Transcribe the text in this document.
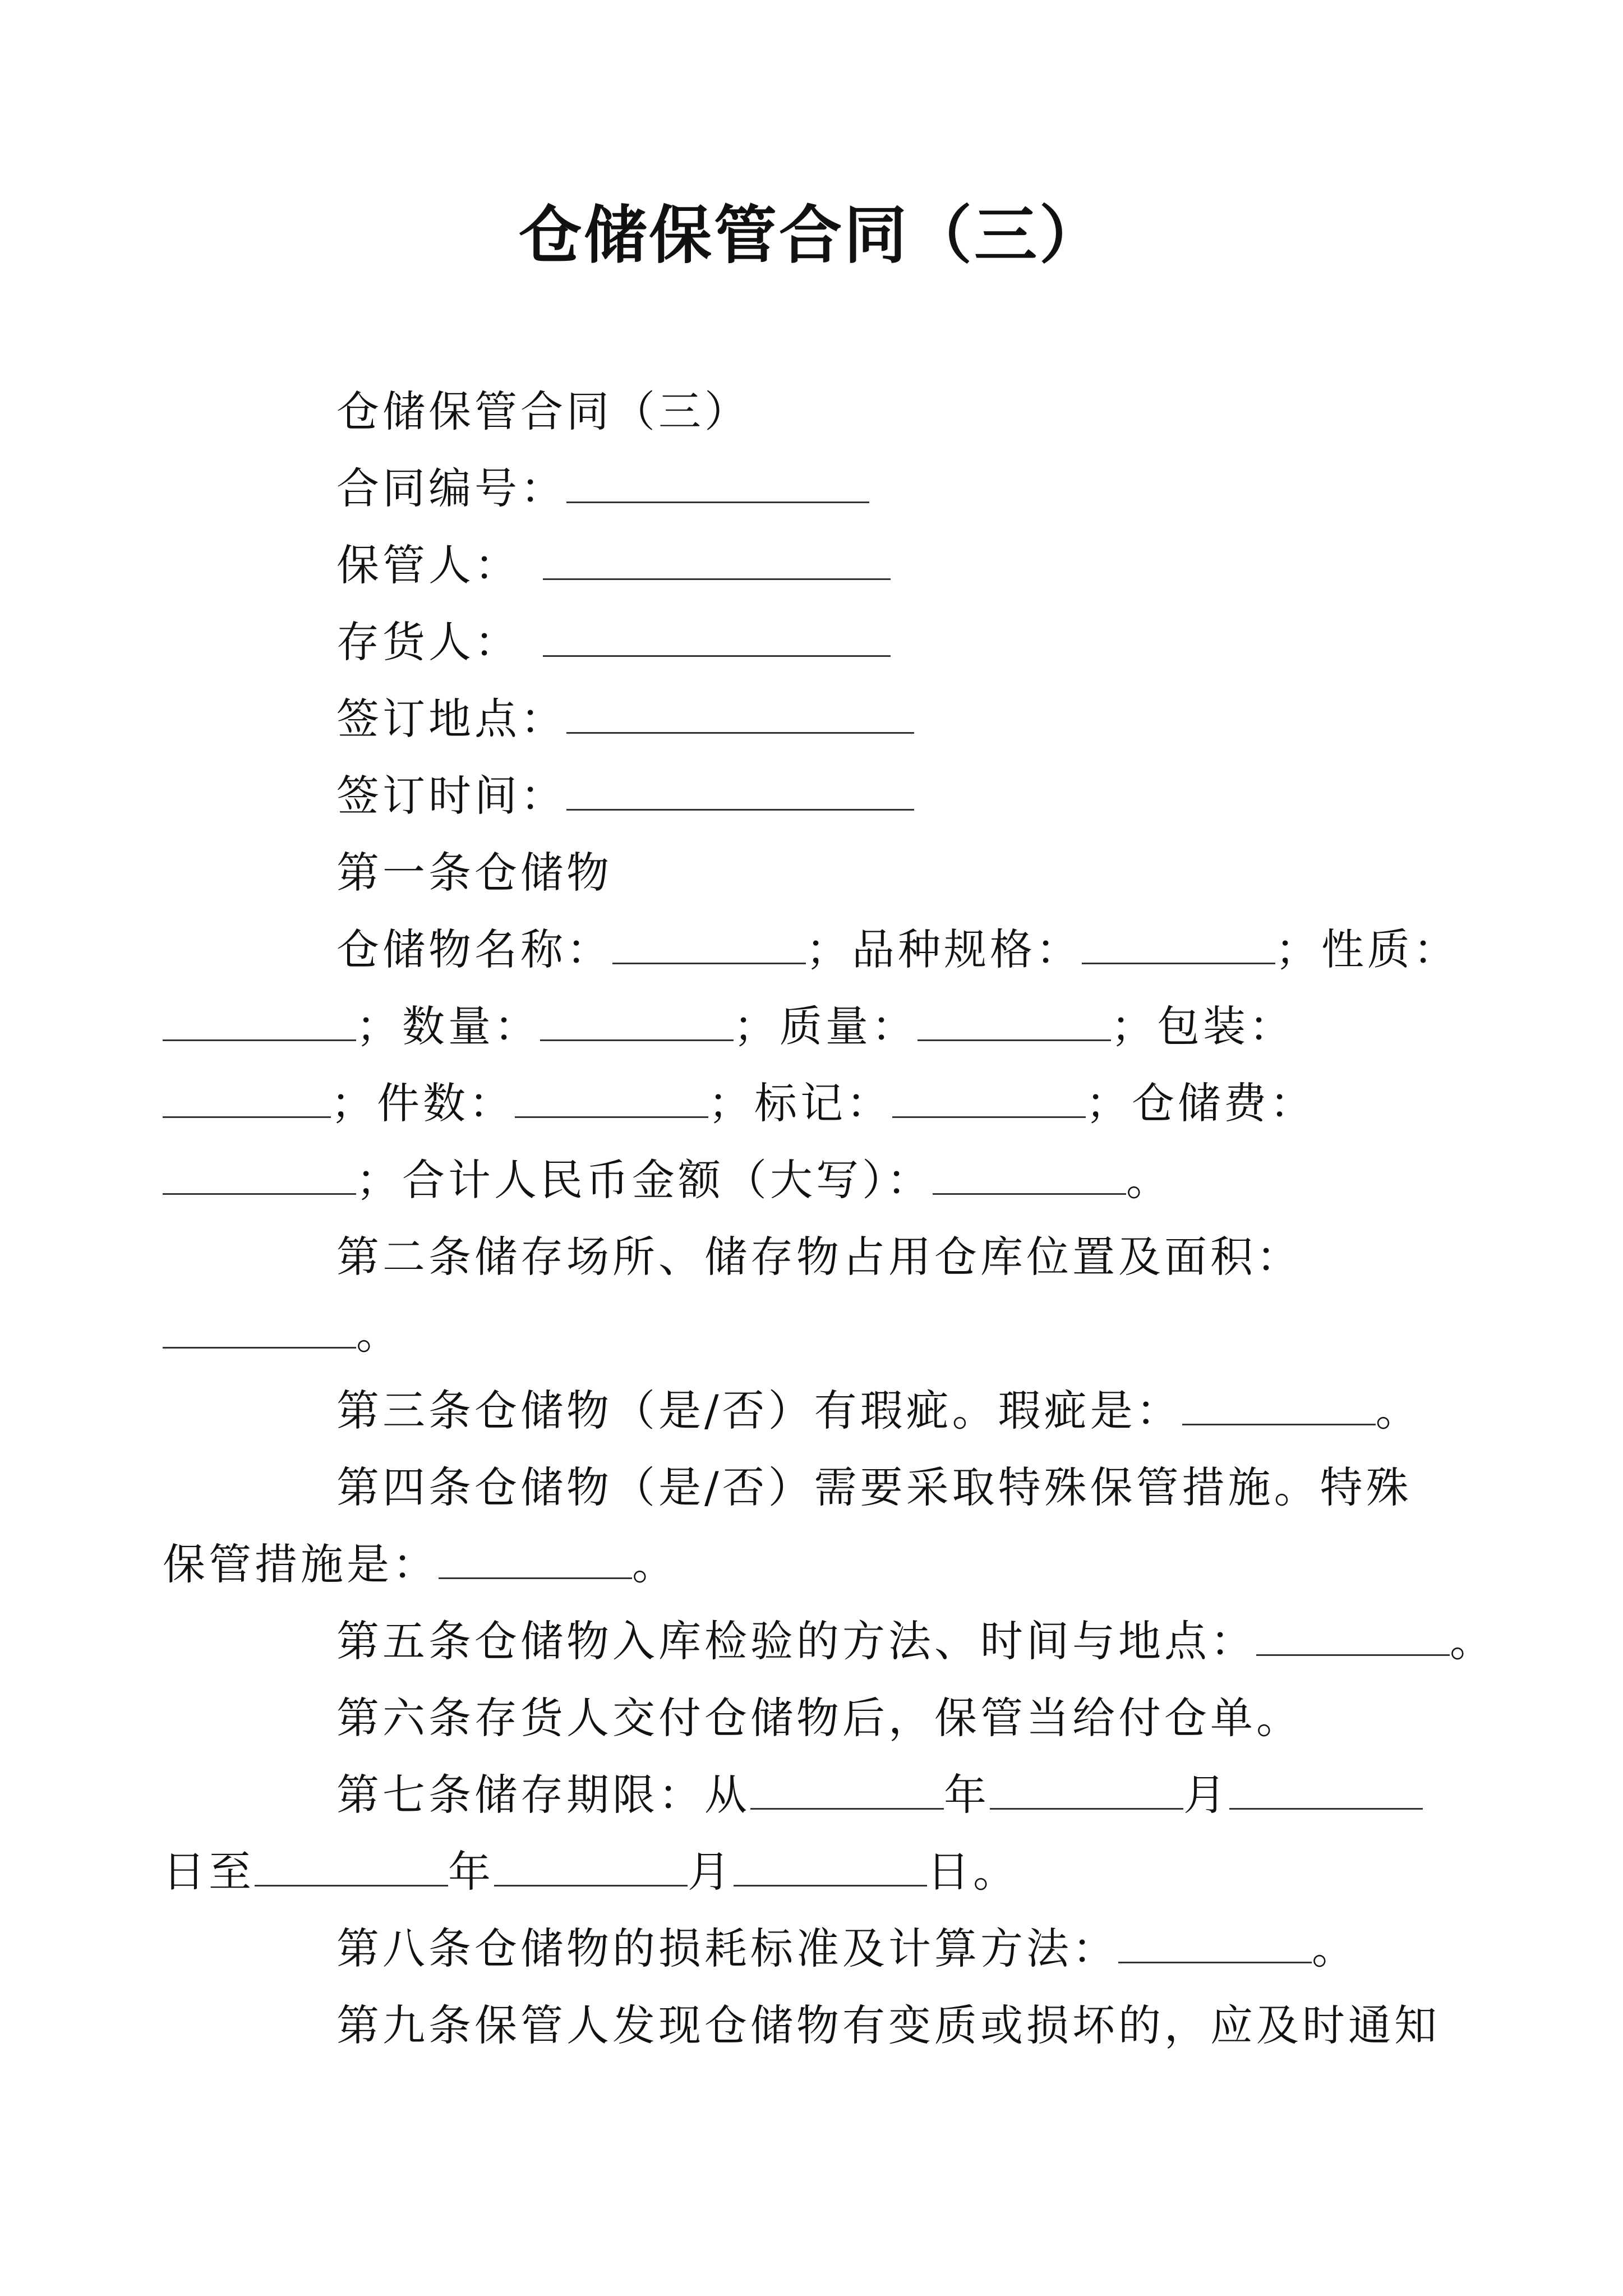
仓储保管合同（三）
仓储保管合同（三）
合同编号：
保管人：
存货人：
签订地点：
签订时间：
第一条仓储物
仓储物名称：	；品种规格：	；性质：
；数量：	；质量：	；包装：
；件数：	；标记：	；仓储费：
；合计人民币金额（大写）：	。
第二条储存场所、储存物占用仓库位置及面积：
。
第三条仓储物（是/否）有瑕疵。瑕疵是：	。
第四条仓储物（是/否）需要采取特殊保管措施。特殊
保管措施是：	。
第五条仓储物入库检验的方法、时间与地点：	。
第六条存货人交付仓储物后，保管当给付仓单。
第七条储存期限：从	年	月
日至	年	月	日。
第八条仓储物的损耗标准及计算方法：	。
第九条保管人发现仓储物有变质或损坏的，应及时通知
